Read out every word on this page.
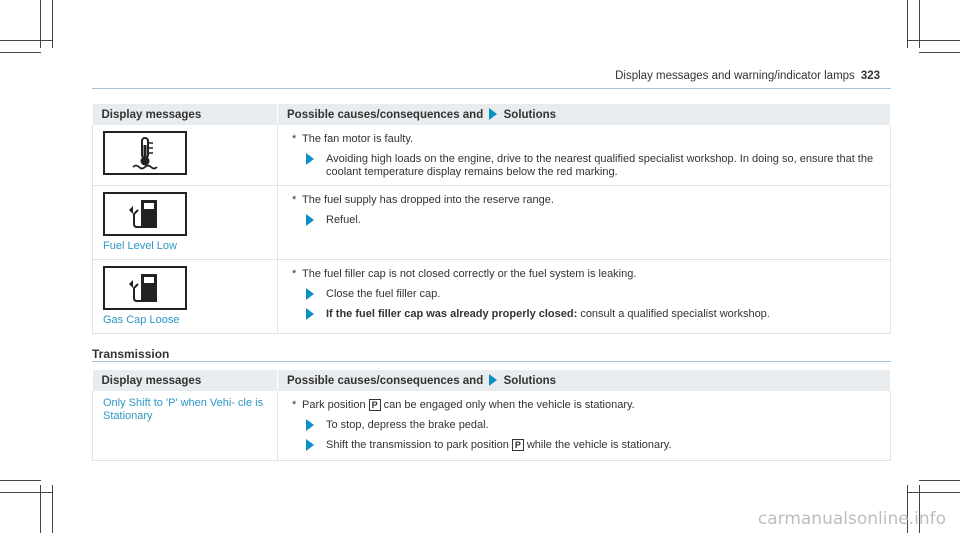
Display messages and warning/indicator lamps 323
Display messages	Possible causes/consequences and Solutions

* The fan motor is faulty.
Avoiding high loads on the engine, drive to the nearest qualified specialist workshop. In doing so, ensure that the coolant temperature display remains below the red marking.

Fuel Level Low	* The fuel supply has dropped into the reserve range.
Refuel.

Gas Cap Loose	* The fuel filler cap is not closed correctly or the fuel system is leaking.
Close the fuel filler cap.
If the fuel filler cap was already properly closed: consult a qualified specialist workshop.
Transmission
Display messages	Possible causes/consequences and Solutions

Only Shift to 'P' when Vehi- cle is Stationary	* Park position P can be engaged only when the vehicle is stationary.
To stop, depress the brake pedal.
Shift the transmission to park position P while the vehicle is stationary.
carmanualsonline.info
